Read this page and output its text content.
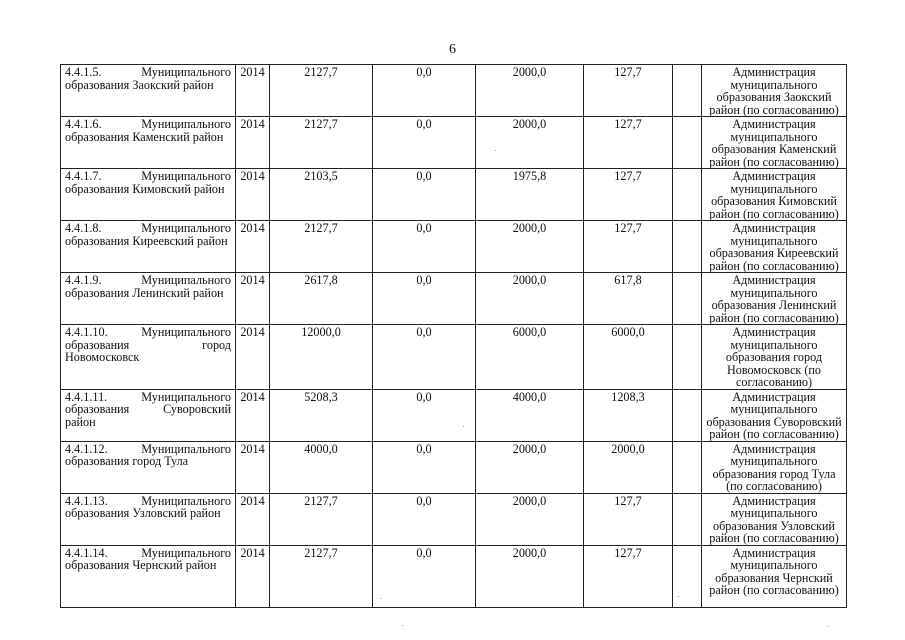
6
4.4.1.5. Муниципального образования Заокский район	2014	2127,7	0,0	2000,0	127,7		Администрация муниципального образования Заокский район (по согласованию)
4.4.1.6. Муниципального образования Каменский район	2014	2127,7	0,0	2000,0	127,7		Администрация муниципального образования Каменский район (по согласованию)
4.4.1.7. Муниципального образования Кимовский район	2014	2103,5	0,0	1975,8	127,7		Администрация муниципального образования Кимовский район (по согласованию)
4.4.1.8. Муниципального образования Киреевский район	2014	2127,7	0,0	2000,0	127,7		Администрация муниципального образования Киреевский район (по согласованию)
4.4.1.9. Муниципального образования Ленинский район	2014	2617,8	0,0	2000,0	617,8		Администрация муниципального образования Ленинский район (по согласованию)
4.4.1.10. Муниципального образования город Новомосковск	2014	12000,0	0,0	6000,0	6000,0		Администрация муниципального образования город Новомосковск (по согласованию)
4.4.1.11. Муниципального образования Суворовский район	2014	5208,3	0,0	4000,0	1208,3		Администрация муниципального образования Суворовский район (по согласованию)
4.4.1.12. Муниципального образования город Тула	2014	4000,0	0,0	2000,0	2000,0		Администрация муниципального образования город Тула (по согласованию)
4.4.1.13. Муниципального образования Узловский район	2014	2127,7	0,0	2000,0	127,7		Администрация муниципального образования Узловский район (по согласованию)
4.4.1.14. Муниципального образования Чернский район	2014	2127,7	0,0	2000,0	127,7		Администрация муниципального образования Чернский район (по согласованию)
